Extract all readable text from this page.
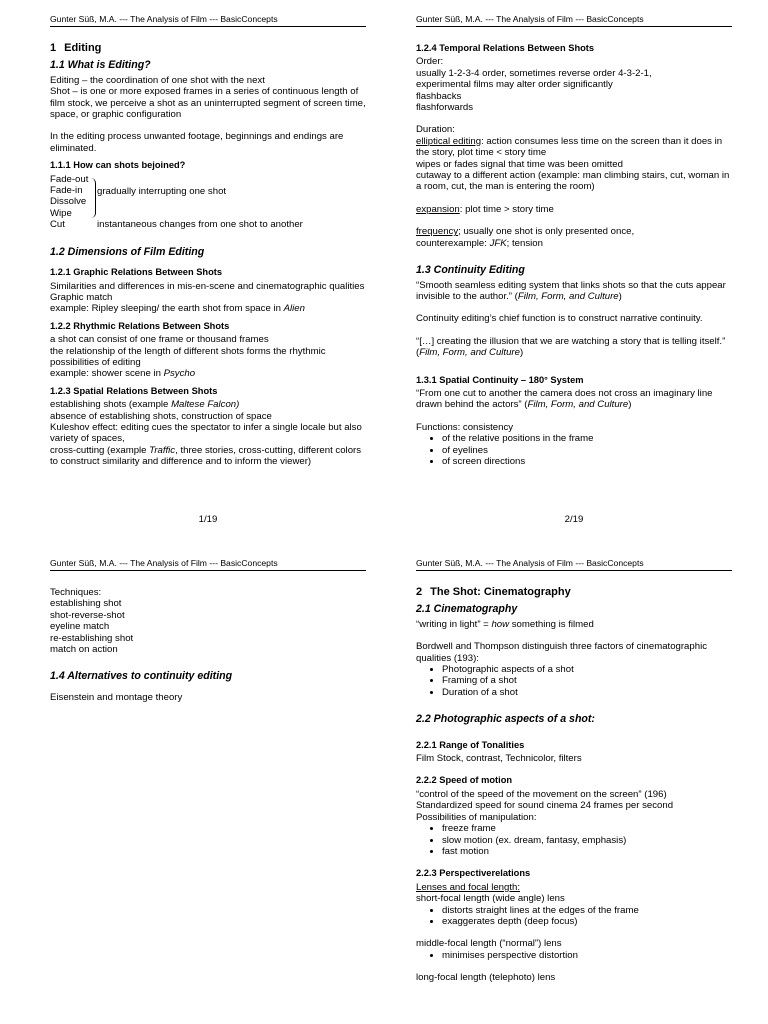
Gunter Süß, M.A. --- The Analysis of Film --- BasicConcepts
1 Editing
1.1 What is Editing?

Editing – the coordination of one shot with the next

Shot – is one or more exposed frames in a series of continuous length of film stock, we perceive a shot as an uninterrupted segment of screen time, space, or graphic configuration

In the editing process unwanted footage, beginnings and endings are eliminated.

1.1.1 How can shots bejoined?
Fade-out
Fade-in
Dissolve
Wipe
Cut
gradually interrupting one shot
instantaneous changes from one shot to another
1.2 Dimensions of Film Editing
1.2.1 Graphic Relations Between Shots

Similarities and differences in mis-en-scene and cinematographic qualities

Graphic match

example: Ripley sleeping/ the earth shot from space in Alien

1.2.2 Rhythmic Relations Between Shots

a shot can consist of one frame or thousand frames

the relationship of the length of different shots forms the rhythmic possibilities of editing

example: shower scene in Psycho

1.2.3 Spatial Relations Between Shots

establishing shots (example Maltese Falcon)

absence of establishing shots, construction of space

Kuleshov effect: editing cues the spectator to infer a single locale but also variety of spaces,

cross-cutting (example Traffic, three stories, cross-cutting, different colors to construct similarity and difference and to inform the viewer)

1/19
Gunter Süß, M.A. --- The Analysis of Film --- BasicConcepts
1.2.4 Temporal Relations Between Shots

Order:

usually 1-2-3-4 order, sometimes reverse order 4-3-2-1,

experimental films may alter order significantly

flashbacks

flashforwards

Duration:

elliptical editing: action consumes less time on the screen than it does in the story, plot time < story time

wipes or fades signal that time was been omitted

cutaway to a different action (example: man climbing stairs, cut, woman in a room, cut, the man is entering the room)

expansion: plot time > story time

frequency; usually one shot is only presented once,

counterexample: JFK; tension

1.3 Continuity Editing

“Smooth seamless editing system that links shots so that the cuts appear invisible to the author.” (Film, Form, and Culture)

Continuity editing’s chief function is to construct narrative continuity.

“[…] creating the illusion that we are watching a story that is telling itself.” (Film, Form, and Culture)

1.3.1 Spatial Continuity – 180° System

“From one cut to another the camera does not cross an imaginary line drawn behind the actors” (Film, Form, and Culture)

Functions: consistency

• of the relative positions in the frame
• of eyelines
• of screen directions
2/19
Gunter Süß, M.A. --- The Analysis of Film --- BasicConcepts

Techniques:

establishing shot

shot-reverse-shot

eyeline match

re-establishing shot

match on action

1.4 Alternatives to continuity editing

Eisenstein and montage theory

Gunter Süß, M.A. --- The Analysis of Film --- BasicConcepts
2 The Shot: Cinematography
2.1 Cinematography

“writing in light” = how something is filmed

Bordwell and Thompson distinguish three factors of cinematographic qualities (193):

• Photographic aspects of a shot
• Framing of a shot
• Duration of a shot
2.2 Photographic aspects of a shot:
2.2.1 Range of Tonalities

Film Stock, contrast, Technicolor, filters

2.2.2 Speed of motion

“control of the speed of the movement on the screen” (196)

Standardized speed for sound cinema 24 frames per second

Possibilities of manipulation:

• freeze frame
• slow motion (ex. dream, fantasy, emphasis)
• fast motion
2.2.3 Perspectiverelations

Lenses and focal length:

short-focal length (wide angle) lens

• distorts straight lines at the edges of the frame
• exaggerates depth (deep focus)

middle-focal length (“normal”) lens

• minimises perspective distortion

long-focal length (telephoto) lens
